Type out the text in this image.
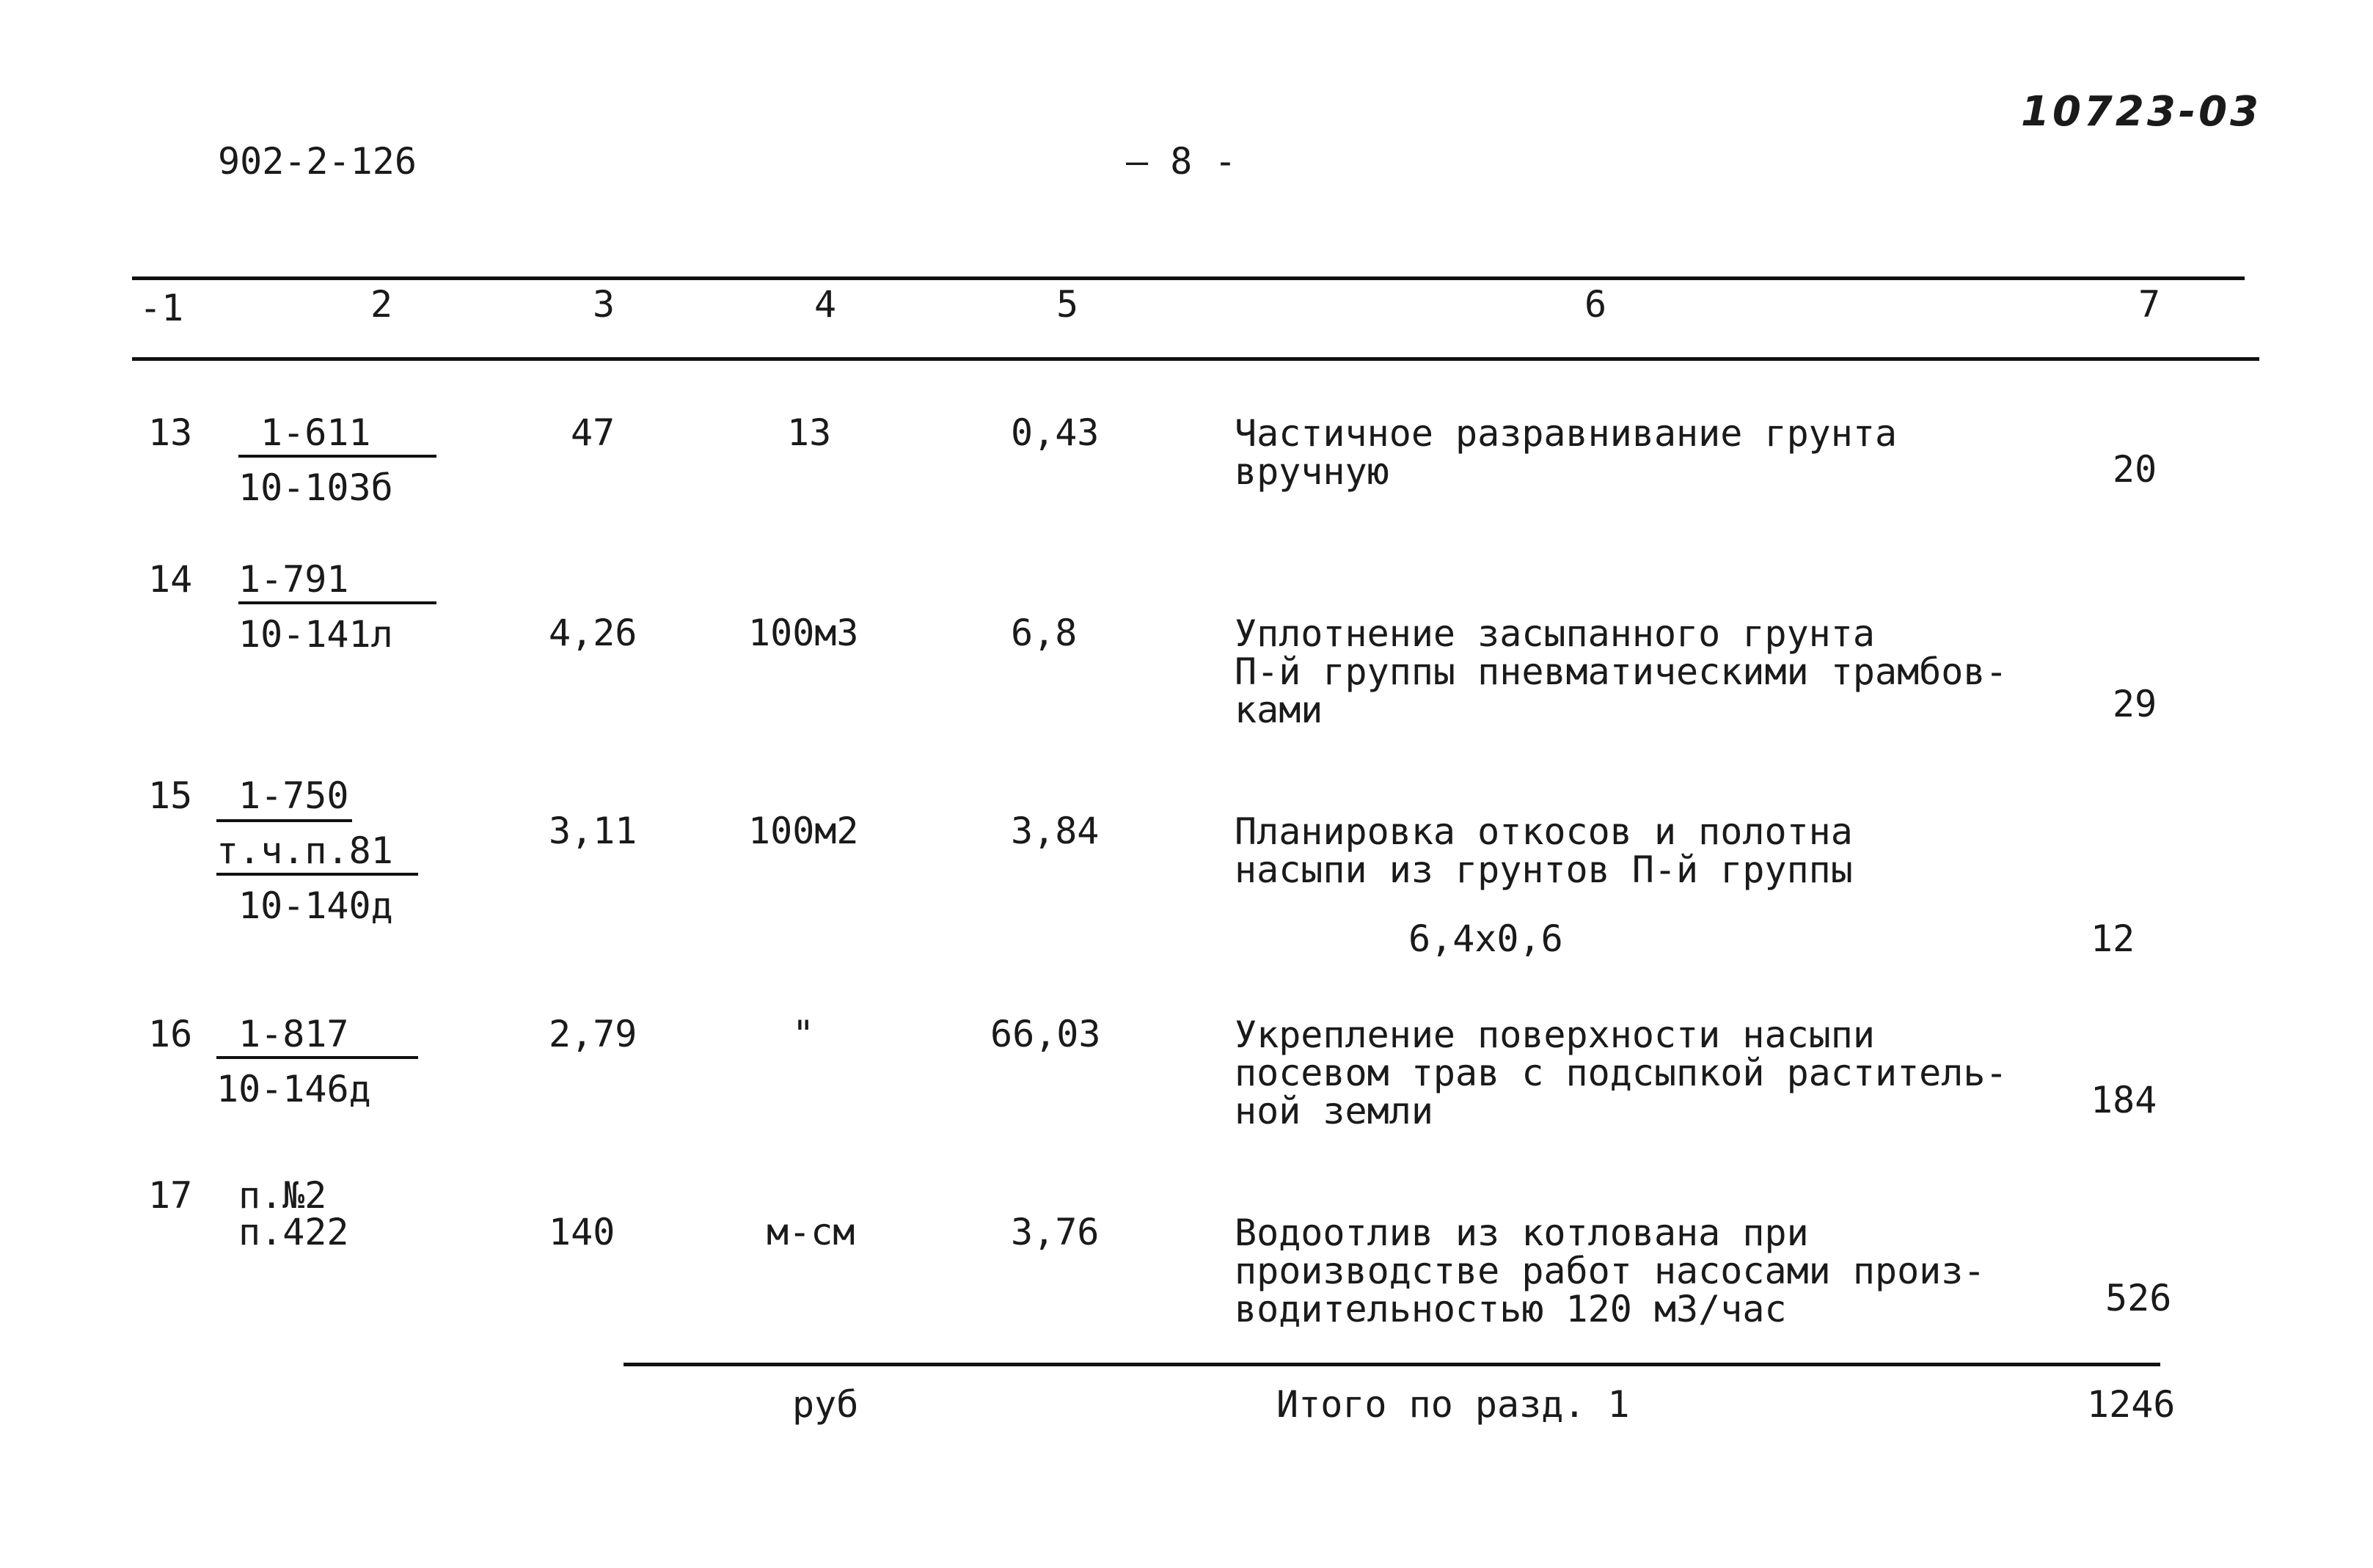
902-2-126	— 8 -
10723-03
-1	2	3	4	5	6	7
13 1-611
10-103б
47	13	0,43	Частичное разравнивание грунта
вручную	20
14 1-791
10-141л	4,26	100м3	6,8	Уплотнение засыпанного грунта
П-й группы пневматическими трамбов-
ками	29
15 1-750
т.ч.п.81
10-140д
3,11	100м2	3,84	Планировка откосов и полотна
насыпи из грунтов П-й группы
6,4х0,6	12
16 1-817
10-146д
2,79	"	66,03	Укрепление поверхности насыпи
посевом трав с подсыпкой раститель-
ной земли	184
17 п.№2
п.422	140	м-см	3,76	Водоотлив из котлована при
производстве работ насосами произ-
водительностью 120 м3/час	526
руб	Итого по разд. 1	1246
